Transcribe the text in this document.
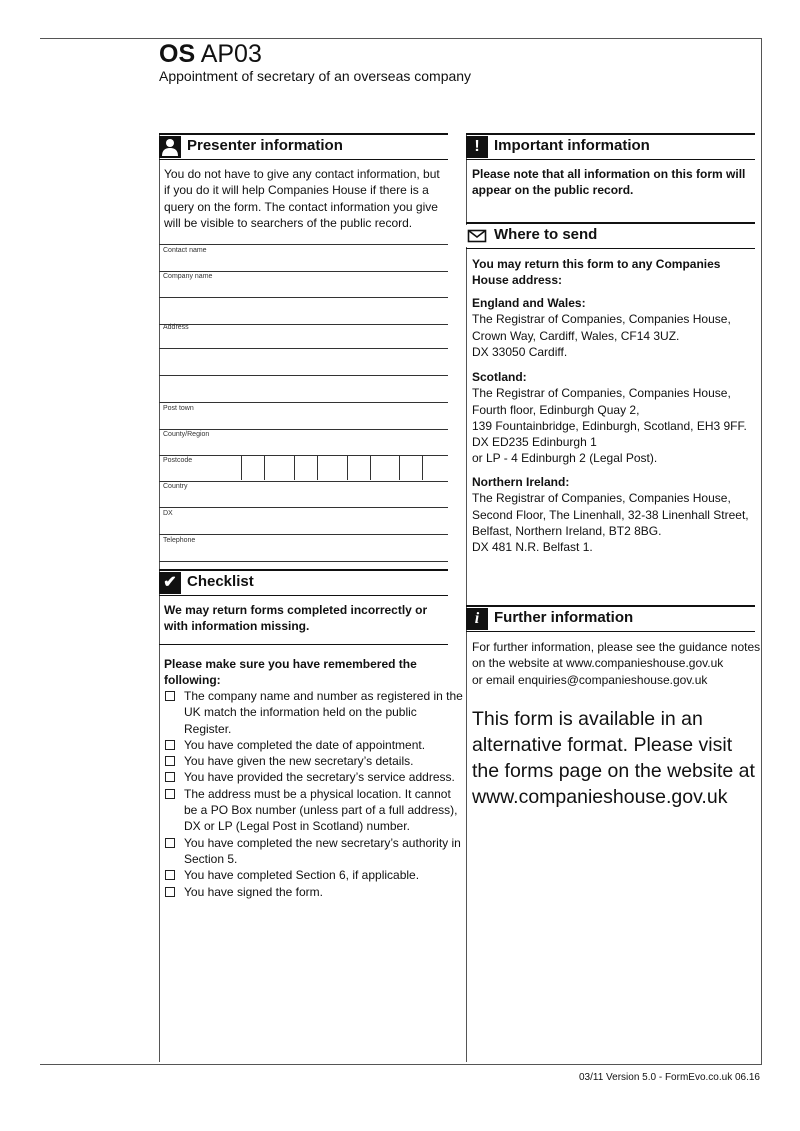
OS AP03
Appointment of secretary of an overseas company
Presenter information
You do not have to give any contact information, but if you do it will help Companies House if there is a query on the form. The contact information you give will be visible to searchers of the public record.
Contact name
Company name
Address
Post town
County/Region
Postcode
Country
DX
Telephone
✔ Checklist
We may return forms completed incorrectly or with information missing.
Please make sure you have remembered the following:
The company name and number as registered in the UK match the information held on the public Register.
You have completed the date of appointment.
You have given the new secretary’s details.
You have provided the secretary’s service address.
The address must be a physical location. It cannot be a PO Box number (unless part of a full address), DX or LP (Legal Post in Scotland) number.
You have completed the new secretary’s authority in Section 5.
You have completed Section 6, if applicable.
You have signed the form.
! Important information
Please note that all information on this form will appear on the public record.
Where to send
You may return this form to any Companies House address:
England and Wales:
The Registrar of Companies, Companies House,
Crown Way, Cardiff, Wales, CF14 3UZ.
DX 33050 Cardiff.
Scotland:
The Registrar of Companies, Companies House,
Fourth floor, Edinburgh Quay 2,
139 Fountainbridge, Edinburgh, Scotland, EH3 9FF.
DX ED235 Edinburgh 1
or LP - 4 Edinburgh 2 (Legal Post).
Northern Ireland:
The Registrar of Companies, Companies House,
Second Floor, The Linenhall, 32-38 Linenhall Street,
Belfast, Northern Ireland, BT2 8BG.
DX 481 N.R. Belfast 1.
i Further information
For further information, please see the guidance notes
on the website at www.companieshouse.gov.uk
or email enquiries@companieshouse.gov.uk
This form is available in an alternative format. Please visit the forms page on the website at www.companieshouse.gov.uk
03/11 Version 5.0 - FormEvo.co.uk 06.16
